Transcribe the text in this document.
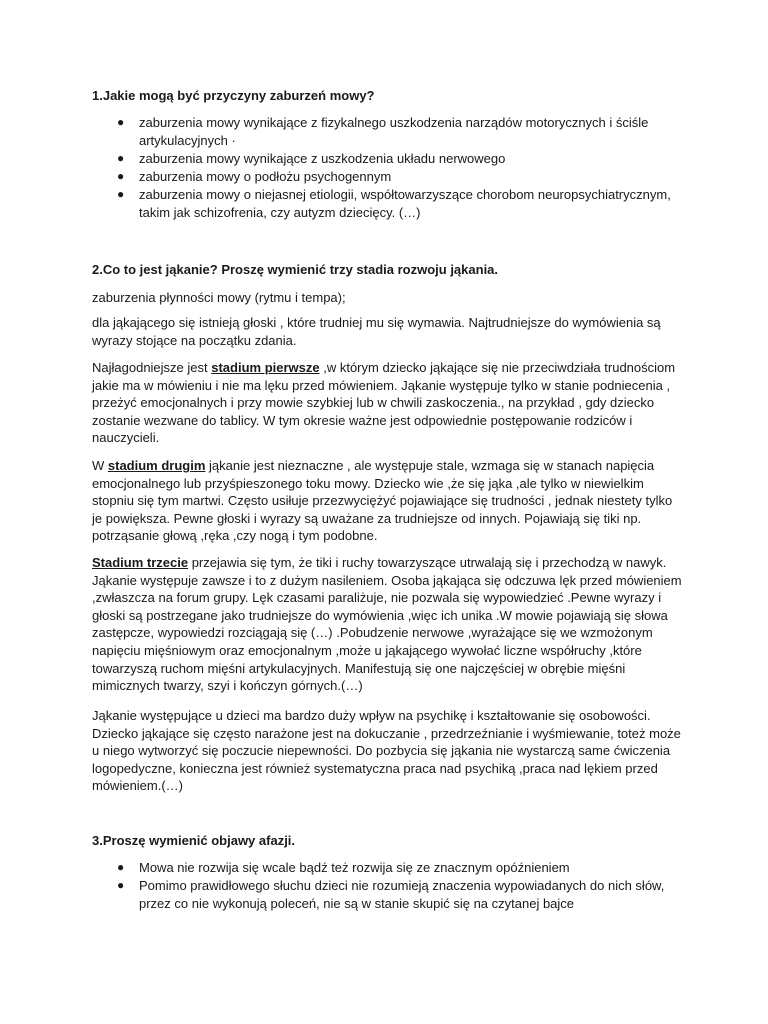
1.Jakie mogą być przyczyny zaburzeń mowy?

● zaburzenia mowy wynikające z fizykalnego uszkodzenia narządów motorycznych i ściśle artykulacyjnych ·
● zaburzenia mowy wynikające z uszkodzenia układu nerwowego
● zaburzenia mowy o podłożu psychogennym
● zaburzenia mowy o niejasnej etiologii, współtowarzyszące chorobom neuropsychiatrycznym, takim jak schizofrenia, czy autyzm dziecięcy. (…)

2.Co to jest jąkanie? Proszę wymienić trzy stadia rozwoju jąkania.

zaburzenia płynności mowy (rytmu i tempa);

dla jąkającego się istnieją głoski , które trudniej mu się wymawia. Najtrudniejsze do wymówienia są wyrazy stojące na początku zdania.

Najłagodniejsze jest stadium pierwsze ,w którym dziecko jąkające się nie przeciwdziała trudnościom jakie ma w mówieniu i nie ma lęku przed mówieniem. Jąkanie występuje tylko w stanie podniecenia , przeżyć emocjonalnych i przy mowie szybkiej lub w chwili zaskoczenia., na przykład , gdy dziecko zostanie wezwane do tablicy. W tym okresie ważne jest odpowiednie postępowanie rodziców i nauczycieli.

W stadium drugim jąkanie jest nieznaczne , ale występuje stale, wzmaga się w stanach napięcia emocjonalnego lub przyśpieszonego toku mowy. Dziecko wie ,że się jąka ,ale tylko w niewielkim stopniu się tym martwi. Często usiłuje przezwyciężyć pojawiające się trudności , jednak niestety tylko je powiększa. Pewne głoski i wyrazy są uważane za trudniejsze od innych. Pojawiają się tiki np. potrząsanie głową ,ręka ,czy nogą i tym podobne.

Stadium trzecie przejawia się tym, że tiki i ruchy towarzyszące utrwalają się i przechodzą w nawyk. Jąkanie występuje zawsze i to z dużym nasileniem. Osoba jąkająca się odczuwa lęk przed mówieniem ,zwłaszcza na forum grupy. Lęk czasami paraliżuje, nie pozwala się wypowiedzieć .Pewne wyrazy i głoski są postrzegane jako trudniejsze do wymówienia ,więc ich unika .W mowie pojawiają się słowa zastępcze, wypowiedzi rozciągają się (…) .Pobudzenie nerwowe ,wyrażające się we wzmożonym napięciu mięśniowym oraz emocjonalnym ,może u jąkającego wywołać liczne współruchy ,które towarzyszą ruchom mięśni artykulacyjnych. Manifestują się one najczęściej w obrębie mięśni mimicznych twarzy, szyi i kończyn górnych.(…)

Jąkanie występujące u dzieci ma bardzo duży wpływ na psychikę i kształtowanie się osobowości. Dziecko jąkające się często narażone jest na dokuczanie , przedrzeźnianie i wyśmiewanie, toteż może u niego wytworzyć się poczucie niepewności. Do pozbycia się jąkania nie wystarczą same ćwiczenia logopedyczne, konieczna jest również systematyczna praca nad psychiką ,praca nad lękiem przed mówieniem.(…)

3.Proszę wymienić objawy afazji.

● Mowa nie rozwija się wcale bądź też rozwija się ze znacznym opóźnieniem
● Pomimo prawidłowego słuchu dzieci nie rozumieją znaczenia wypowiadanych do nich słów, przez co nie wykonują poleceń, nie są w stanie skupić się na czytanej bajce
